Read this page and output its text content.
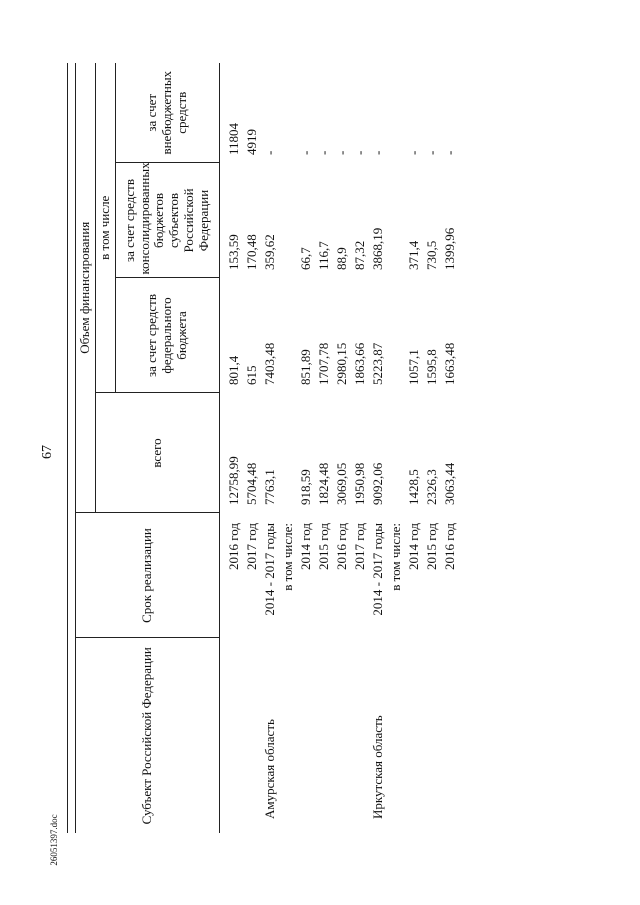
67
26051397.doc
Субъект Российской Федерации	Срок реализации	Объем финансирования			
		всего	в том числе		
			за счет средств федерального бюджета	за счет средств консолидированных бюджетов субъектов Российской Федерации	за счет внебюджетных средств
	2016 год	12758,99	801,4	153,59	11804
	2017 год	5704,48	615	170,48	4919
Амурская область	2014 - 2017 годы	7763,1	7403,48	359,62	-
	в том числе:				
	2014 год	918,59	851,89	66,7	-
	2015 год	1824,48	1707,78	116,7	-
	2016 год	3069,05	2980,15	88,9	-
	2017 год	1950,98	1863,66	87,32	-
Иркутская область	2014 - 2017 годы	9092,06	5223,87	3868,19	-
	в том числе:				
	2014 год	1428,5	1057,1	371,4	-
	2015 год	2326,3	1595,8	730,5	-
	2016 год	3063,44	1663,48	1399,96	-
